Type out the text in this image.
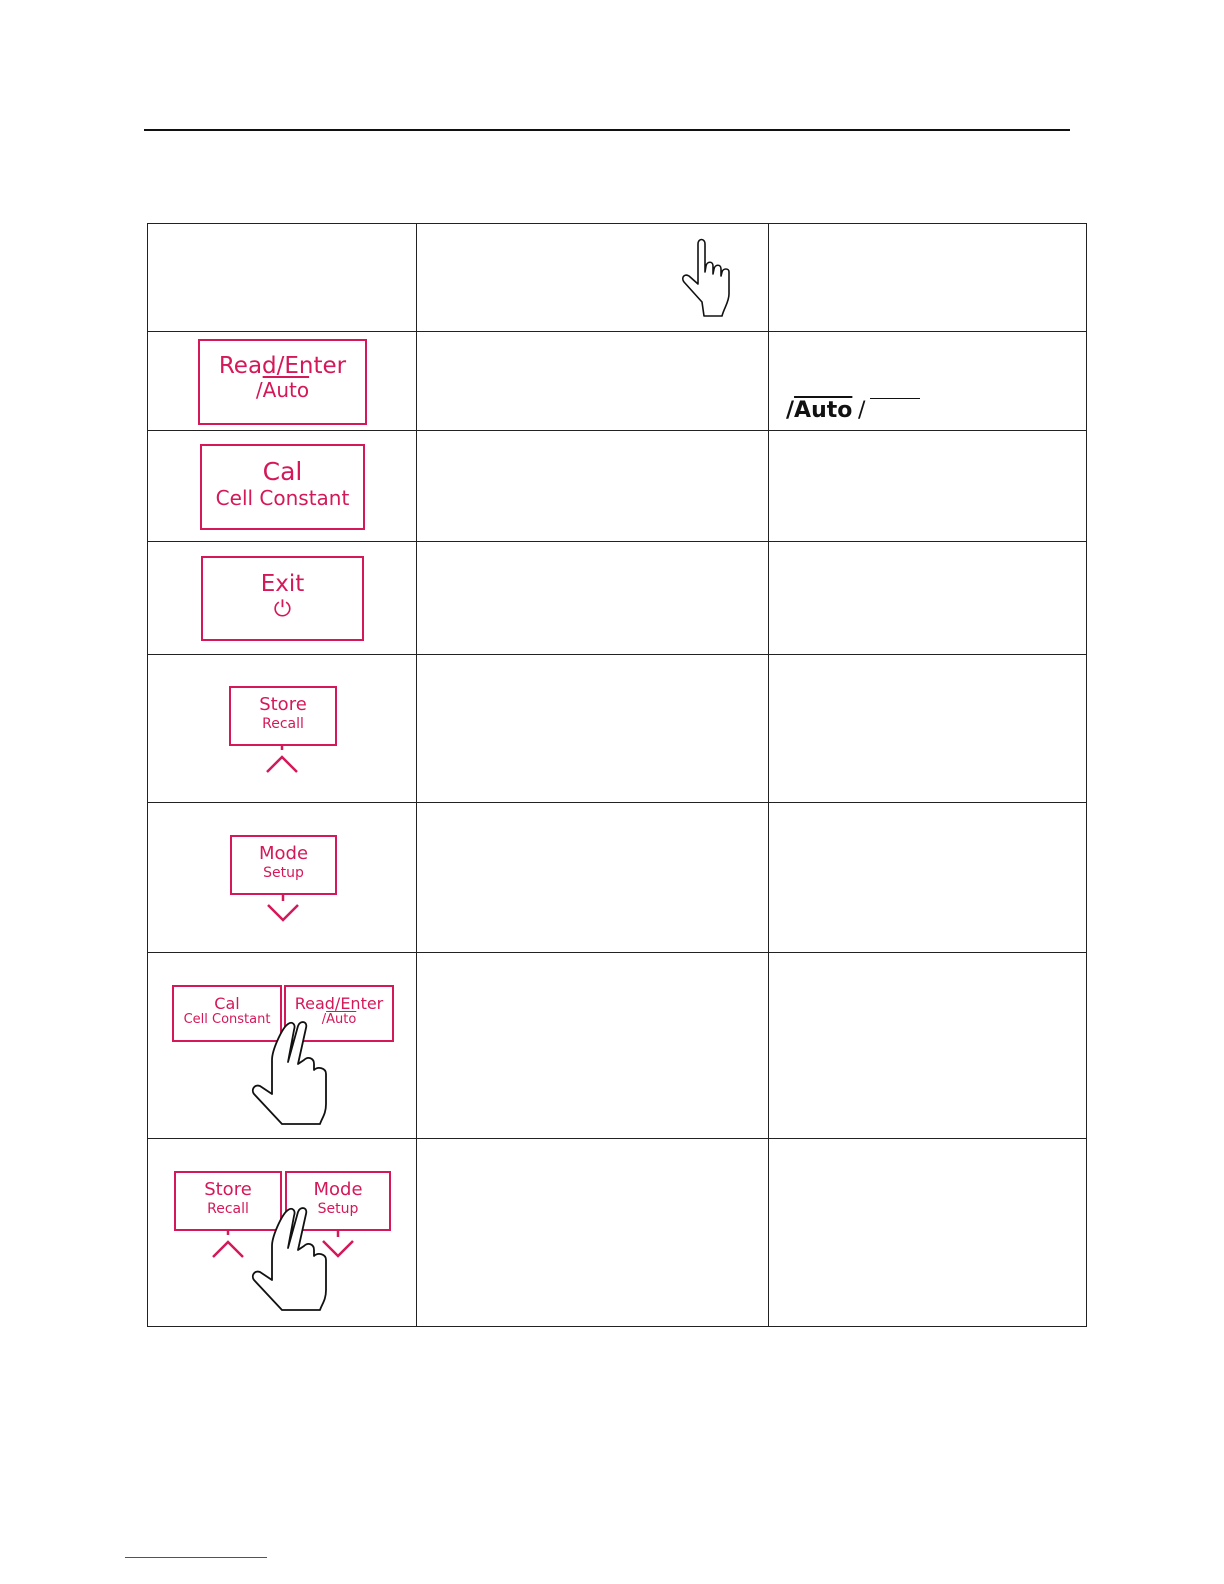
Read/Enter
/Auto
/Auto /
Cal
Cell Constant
Exit
⏻
Store
Recall
Mode
Setup
Cal
Cell Constant
Read/Enter
/Auto
Store
Recall
Mode
Setup
